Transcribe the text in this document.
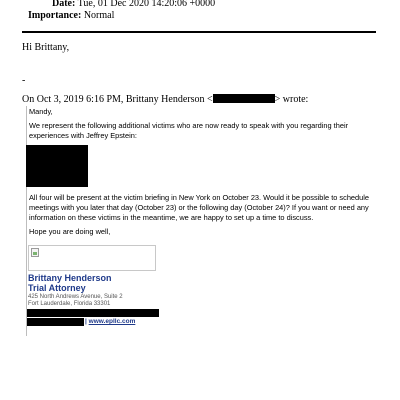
Date: Tue, 01 Dec 2020 14:20:06 +0000
Importance: Normal
Hi Brittany,
-
On Oct 3, 2019 6:16 PM, Brittany Henderson <	> wrote:
Mandy,
We represent the following additional victims who are now ready to speak with you regarding their experiences with Jeffrey Epstein:
All four will be present at the victim briefing in New York on October 23. Would it be possible to schedule meetings with you later that day (October 23) or the following day (October 24)? If you want or need any information on these victims in the meantime, we are happy to set up a time to discuss.
Hope you are doing well,
Brittany Henderson
Trial Attorney
425 North Andrews Avenue, Suite 2
Fort Lauderdale, Florida 33301
| www.epllc.com
